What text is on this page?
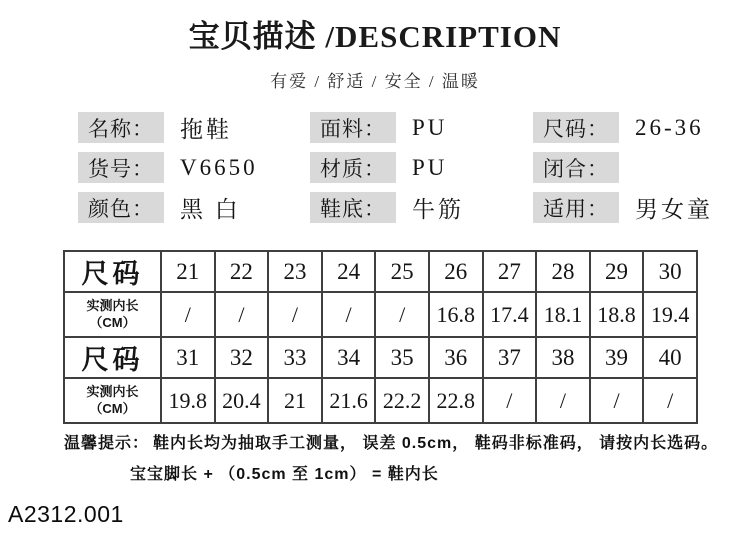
宝贝描述 /DESCRIPTION
有爱 / 舒适 / 安全 / 温暖
名称：	拖鞋
货号：	V6650
颜色：	黑 白
面料：	PU
材质：	PU
鞋底：	牛筋
尺码：	26-36
闭合：
适用：	男女童
尺码	21	22	23	24	25	26	27	28	29	30

实测内长
（CM）	/	/	/	/	/	16.8	17.4	18.1	18.8	19.4

尺码	31	32	33	34	35	36	37	38	39	40

实测内长
（CM）	19.8	20.4	21	21.6	22.2	22.8	/	/	/	/
温馨提示： 鞋内长均为抽取手工测量， 误差 0.5cm， 鞋码非标准码， 请按内长选码。
宝宝脚长 + （0.5cm 至 1cm） = 鞋内长
A2312.001
